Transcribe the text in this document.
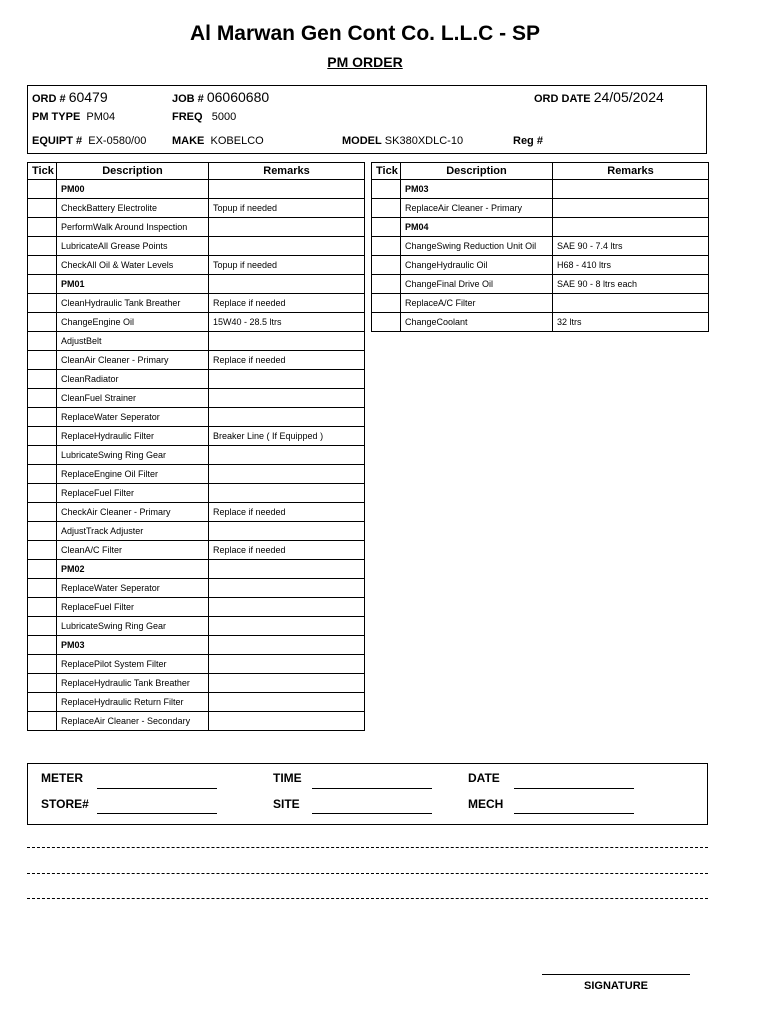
Al Marwan Gen Cont Co. L.L.C - SP
PM ORDER
ORD # 60479	JOB # 06060680	ORD DATE 24/05/2024
PM TYPE PM04	FREQ 5000
EQUIPT # EX-0580/00 MAKE KOBELCO	MODEL SK380XDLC-10	Reg #
Tick	Description	Remarks
	PM00	
	CheckBattery Electrolite	Topup if needed
	PerformWalk Around Inspection	
	LubricateAll Grease Points	
	CheckAll Oil & Water Levels	Topup if needed
	PM01	
	CleanHydraulic Tank Breather	Replace if needed
	ChangeEngine Oil	15W40 - 28.5 ltrs
	AdjustBelt	
	CleanAir Cleaner - Primary	Replace if needed
	CleanRadiator	
	CleanFuel Strainer	
	ReplaceWater Seperator	
	ReplaceHydraulic Filter	Breaker Line ( If Equipped )
	LubricateSwing Ring Gear	
	ReplaceEngine Oil Filter	
	ReplaceFuel Filter	
	CheckAir Cleaner - Primary	Replace if needed
	AdjustTrack Adjuster	
	CleanA/C Filter	Replace if needed
	PM02	
	ReplaceWater Seperator	
	ReplaceFuel Filter	
	LubricateSwing Ring Gear	
	PM03	
	ReplacePilot System Filter	
	ReplaceHydraulic Tank Breather	
	ReplaceHydraulic Return Filter	
	ReplaceAir Cleaner - Secondary	
Tick	Description	Remarks
	PM03	
	ReplaceAir Cleaner - Primary	
	PM04	
	ChangeSwing Reduction Unit Oil	SAE 90 - 7.4 ltrs
	ChangeHydraulic Oil	H68 - 410 ltrs
	ChangeFinal Drive Oil	SAE 90 - 8 ltrs each
	ReplaceA/C Filter	
	ChangeCoolant	32 ltrs
METER	TIME	DATE
STORE#	SITE	MECH
SIGNATURE
